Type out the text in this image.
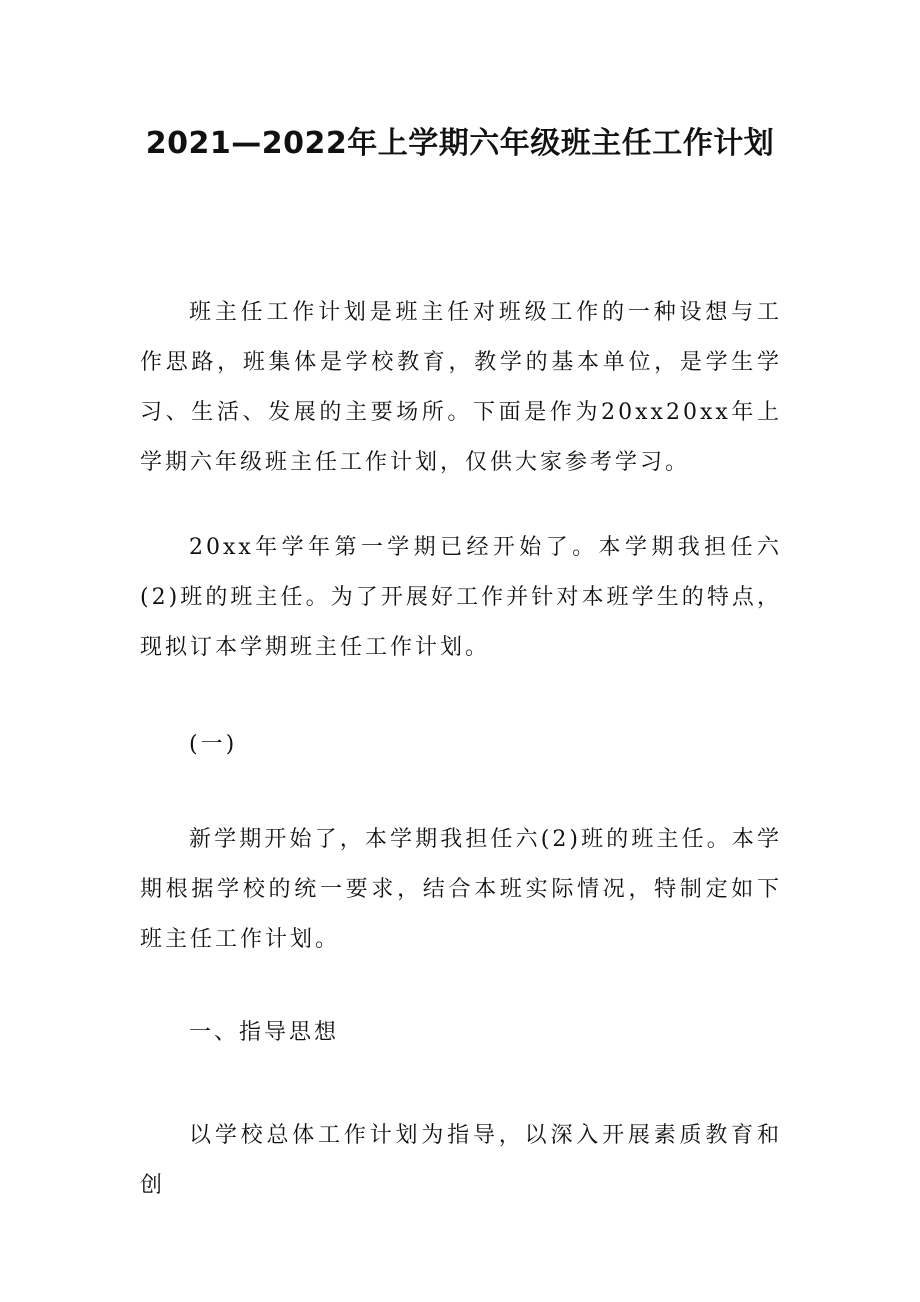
2021—2022年上学期六年级班主任工作计划

班主任工作计划是班主任对班级工作的一种设想与工作思路，班集体是学校教育，教学的基本单位，是学生学习、生活、发展的主要场所。下面是作为20xx20xx年上学期六年级班主任工作计划，仅供大家参考学习。

20xx年学年第一学期已经开始了。本学期我担任六(2)班的班主任。为了开展好工作并针对本班学生的特点，现拟订本学期班主任工作计划。

(一)

新学期开始了，本学期我担任六(2)班的班主任。本学期根据学校的统一要求，结合本班实际情况，特制定如下班主任工作计划。

一、指导思想

以学校总体工作计划为指导，以深入开展素质教育和创
